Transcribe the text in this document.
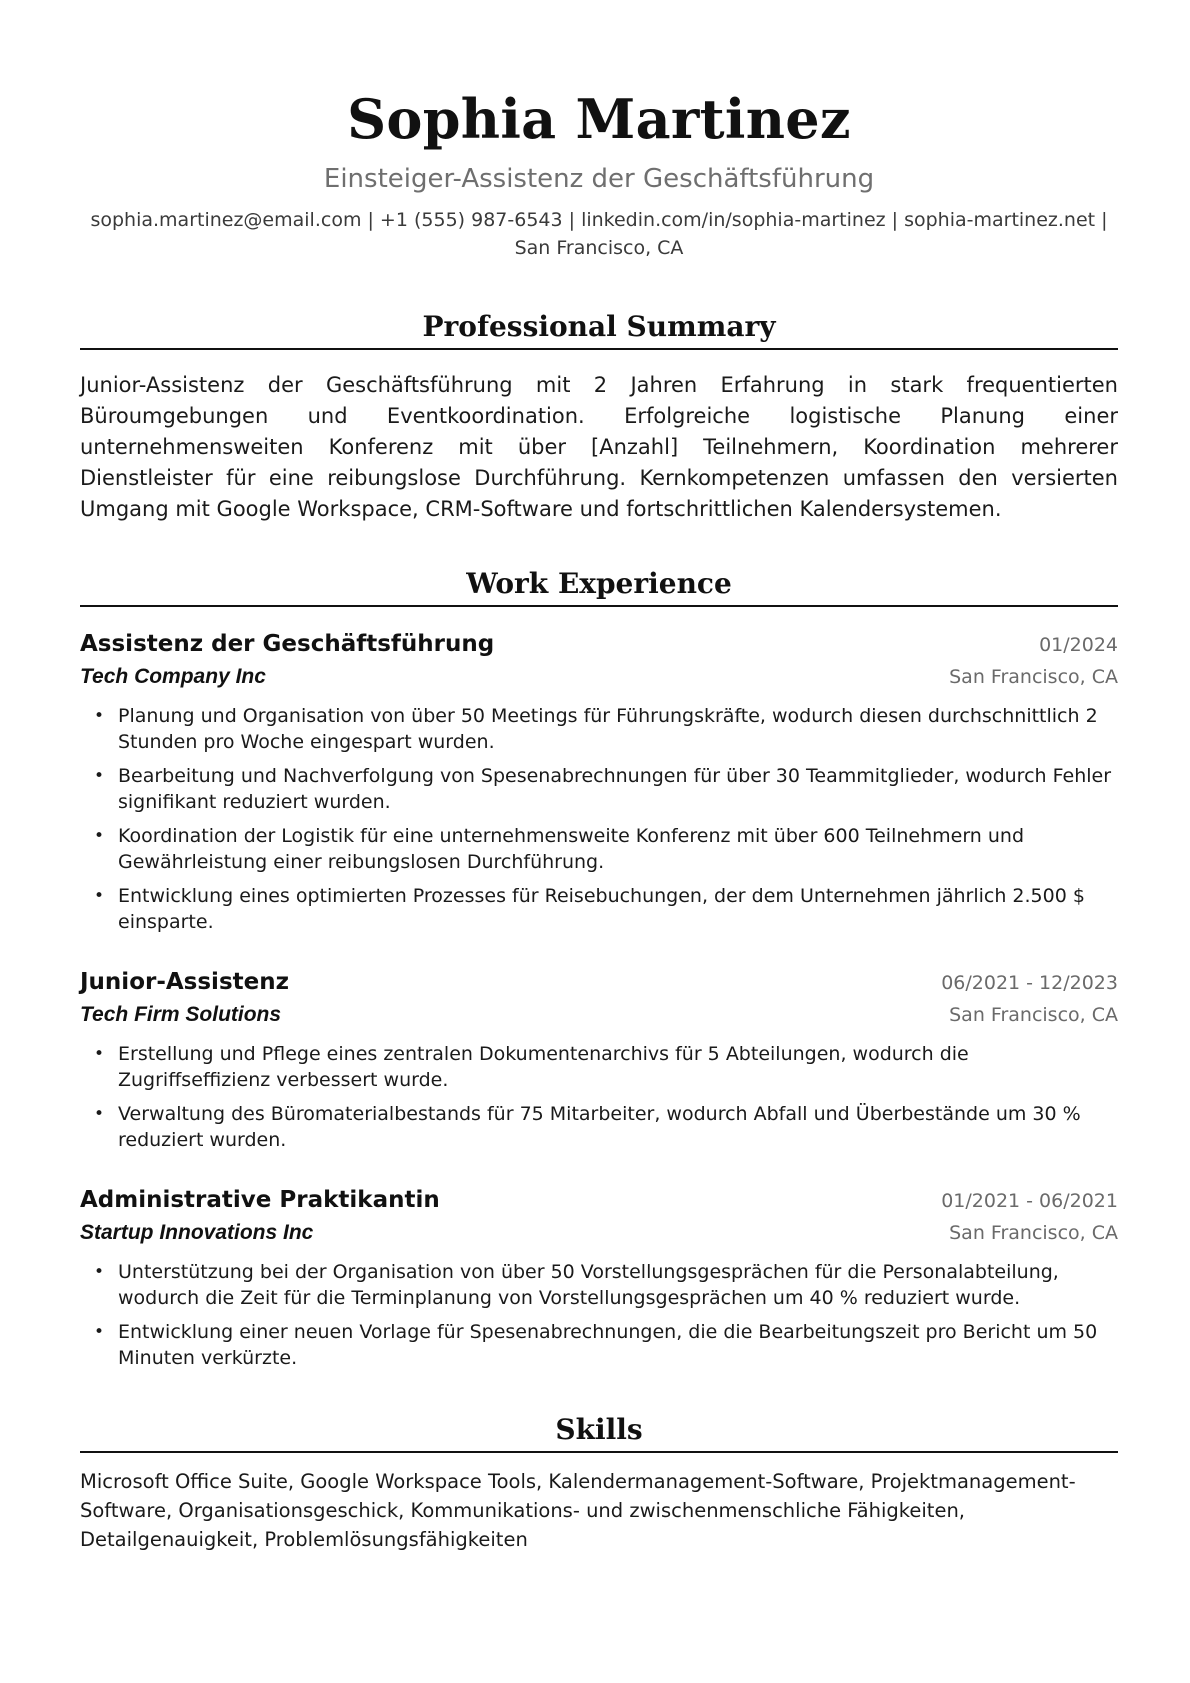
Sophia Martinez
Einsteiger-Assistenz der Geschäftsführung
sophia.martinez@email.com | +1 (555) 987-6543 | linkedin.com/in/sophia-martinez | sophia-martinez.net | San Francisco, CA
Professional Summary
Junior-Assistenz der Geschäftsführung mit 2 Jahren Erfahrung in stark frequentierten Büroumgebungen und Eventkoordination. Erfolgreiche logistische Planung einer unternehmensweiten Konferenz mit über [Anzahl] Teilnehmern, Koordination mehrerer Dienstleister für eine reibungslose Durchführung. Kernkompetenzen umfassen den versierten Umgang mit Google Workspace, CRM-Software und fortschrittlichen Kalendersystemen.
Work Experience
Assistenz der Geschäftsführung	01/2024
Tech Company Inc	San Francisco, CA
• Planung und Organisation von über 50 Meetings für Führungskräfte, wodurch diesen durchschnittlich 2 Stunden pro Woche eingespart wurden.
• Bearbeitung und Nachverfolgung von Spesenabrechnungen für über 30 Teammitglieder, wodurch Fehler signifikant reduziert wurden.
• Koordination der Logistik für eine unternehmensweite Konferenz mit über 600 Teilnehmern und Gewährleistung einer reibungslosen Durchführung.
• Entwicklung eines optimierten Prozesses für Reisebuchungen, der dem Unternehmen jährlich 2.500 $ einsparte.
Junior-Assistenz	06/2021 - 12/2023
Tech Firm Solutions	San Francisco, CA
• Erstellung und Pflege eines zentralen Dokumentenarchivs für 5 Abteilungen, wodurch die Zugriffseffizienz verbessert wurde.
• Verwaltung des Büromaterialbestands für 75 Mitarbeiter, wodurch Abfall und Überbestände um 30 % reduziert wurden.
Administrative Praktikantin	01/2021 - 06/2021
Startup Innovations Inc	San Francisco, CA
• Unterstützung bei der Organisation von über 50 Vorstellungsgesprächen für die Personalabteilung, wodurch die Zeit für die Terminplanung von Vorstellungsgesprächen um 40 % reduziert wurde.
• Entwicklung einer neuen Vorlage für Spesenabrechnungen, die die Bearbeitungszeit pro Bericht um 50 Minuten verkürzte.
Skills
Microsoft Office Suite, Google Workspace Tools, Kalendermanagement-Software, Projektmanagement-Software, Organisationsgeschick, Kommunikations- und zwischenmenschliche Fähigkeiten, Detailgenauigkeit, Problemlösungsfähigkeiten
